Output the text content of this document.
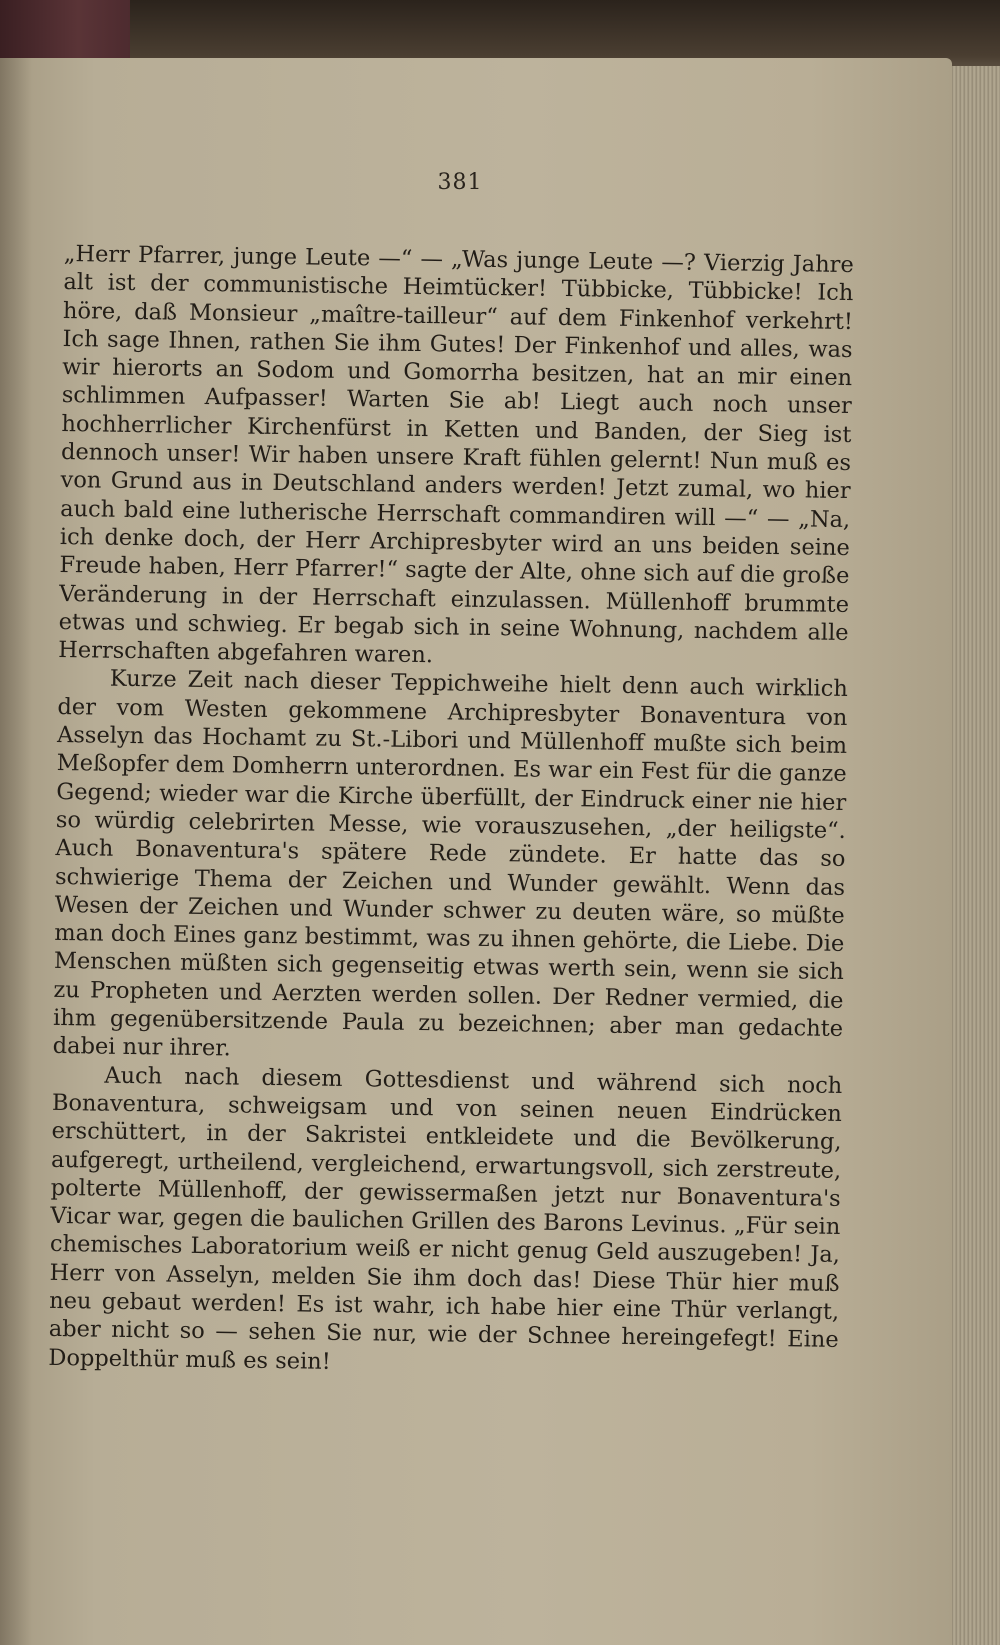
381

„Herr Pfarrer, junge Leute —“ — „Was junge Leute —? Vierzig Jahre alt ist der communistische Heimtücker! Tübbicke, Tübbicke! Ich höre, daß Monsieur „maître-tailleur“ auf dem Finkenhof verkehrt! Ich sage Ihnen, rathen Sie ihm Gutes! Der Finkenhof und alles, was wir hierorts an Sodom und Gomorrha besitzen, hat an mir einen schlimmen Aufpasser! Warten Sie ab! Liegt auch noch unser hochherrlicher Kirchenfürst in Ketten und Banden, der Sieg ist dennoch unser! Wir haben unsere Kraft fühlen gelernt! Nun muß es von Grund aus in Deutschland anders werden! Jetzt zumal, wo hier auch bald eine lutherische Herrschaft commandiren will —“ — „Na, ich denke doch, der Herr Archipresbyter wird an uns beiden seine Freude haben, Herr Pfarrer!“ sagte der Alte, ohne sich auf die große Veränderung in der Herrschaft einzulassen. Müllenhoff brummte etwas und schwieg. Er begab sich in seine Wohnung, nachdem alle Herrschaften abgefahren waren.

Kurze Zeit nach dieser Teppichweihe hielt denn auch wirklich der vom Westen gekommene Archipresbyter Bonaventura von Asselyn das Hochamt zu St.-Libori und Müllenhoff mußte sich beim Meßopfer dem Domherrn unterordnen. Es war ein Fest für die ganze Gegend; wieder war die Kirche überfüllt, der Eindruck einer nie hier so würdig celebrirten Messe, wie vorauszusehen, „der heiligste“. Auch Bonaventura's spätere Rede zündete. Er hatte das so schwierige Thema der Zeichen und Wunder gewählt. Wenn das Wesen der Zeichen und Wunder schwer zu deuten wäre, so müßte man doch Eines ganz bestimmt, was zu ihnen gehörte, die Liebe. Die Menschen müßten sich gegenseitig etwas werth sein, wenn sie sich zu Propheten und Aerzten werden sollen. Der Redner vermied, die ihm gegenübersitzende Paula zu bezeichnen; aber man gedachte dabei nur ihrer.

Auch nach diesem Gottesdienst und während sich noch Bonaventura, schweigsam und von seinen neuen Eindrücken erschüttert, in der Sakristei entkleidete und die Bevölkerung, aufgeregt, urtheilend, vergleichend, erwartungsvoll, sich zerstreute, polterte Müllenhoff, der gewissermaßen jetzt nur Bonaventura's Vicar war, gegen die baulichen Grillen des Barons Levinus. „Für sein chemisches Laboratorium weiß er nicht genug Geld auszugeben! Ja, Herr von Asselyn, melden Sie ihm doch das! Diese Thür hier muß neu gebaut werden! Es ist wahr, ich habe hier eine Thür verlangt, aber nicht so — sehen Sie nur, wie der Schnee hereingefegt! Eine Doppelthür muß es sein!
